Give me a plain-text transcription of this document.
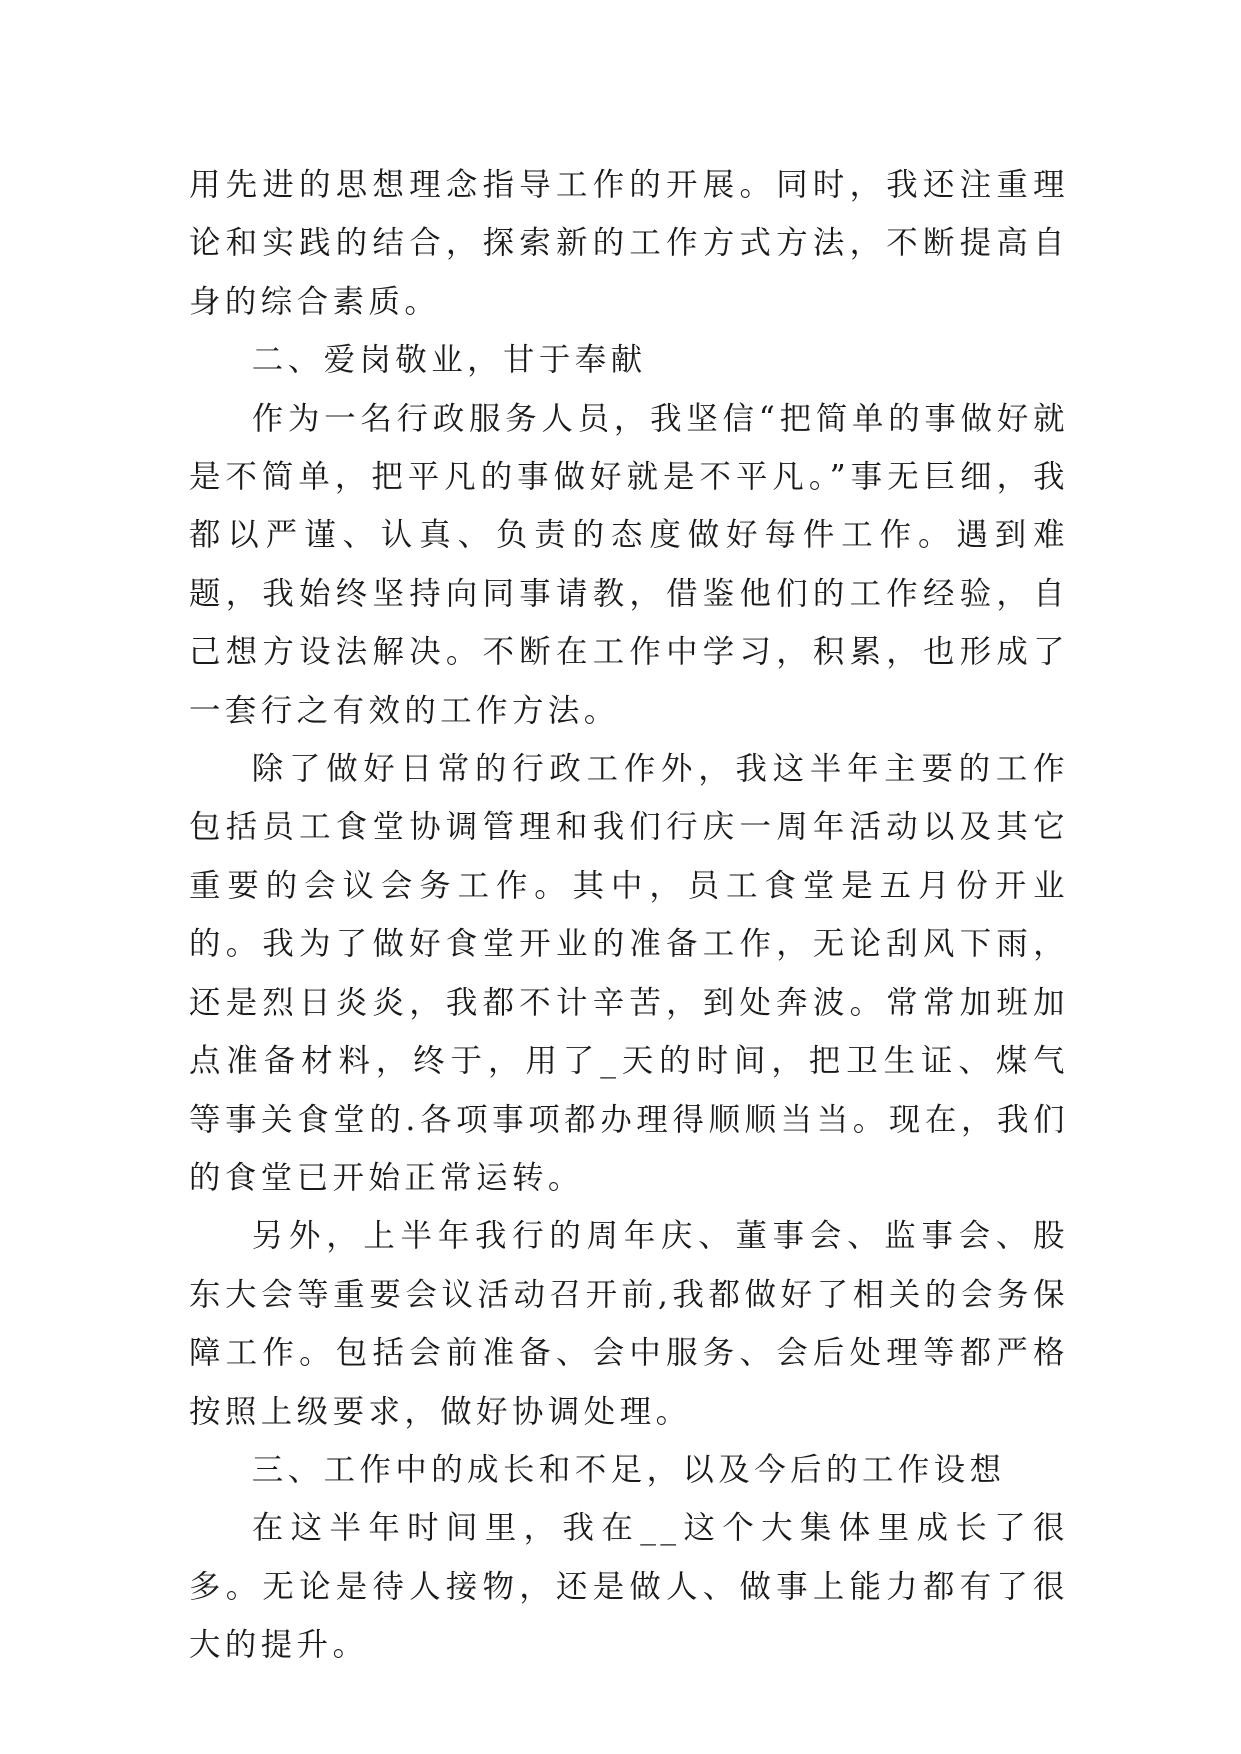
用先进的思想理念指导工作的开展。同时，我还注重理论和实践的结合，探索新的工作方式方法，不断提高自身的综合素质。

二、爱岗敬业，甘于奉献

作为一名行政服务人员，我坚信“把简单的事做好就是不简单，把平凡的事做好就是不平凡。”事无巨细，我都以严谨、认真、负责的态度做好每件工作。遇到难题，我始终坚持向同事请教，借鉴他们的工作经验，自己想方设法解决。不断在工作中学习，积累，也形成了一套行之有效的工作方法。

除了做好日常的行政工作外，我这半年主要的工作包括员工食堂协调管理和我们行庆一周年活动以及其它重要的会议会务工作。其中，员工食堂是五月份开业的。我为了做好食堂开业的准备工作，无论刮风下雨，还是烈日炎炎，我都不计辛苦，到处奔波。常常加班加点准备材料，终于，用了_天的时间，把卫生证、煤气等事关食堂的.各项事项都办理得顺顺当当。现在，我们的食堂已开始正常运转。

另外，上半年我行的周年庆、董事会、监事会、股东大会等重要会议活动召开前,我都做好了相关的会务保障工作。包括会前准备、会中服务、会后处理等都严格按照上级要求，做好协调处理。

三、工作中的成长和不足，以及今后的工作设想

在这半年时间里，我在__这个大集体里成长了很多。无论是待人接物，还是做人、做事上能力都有了很大的提升。
